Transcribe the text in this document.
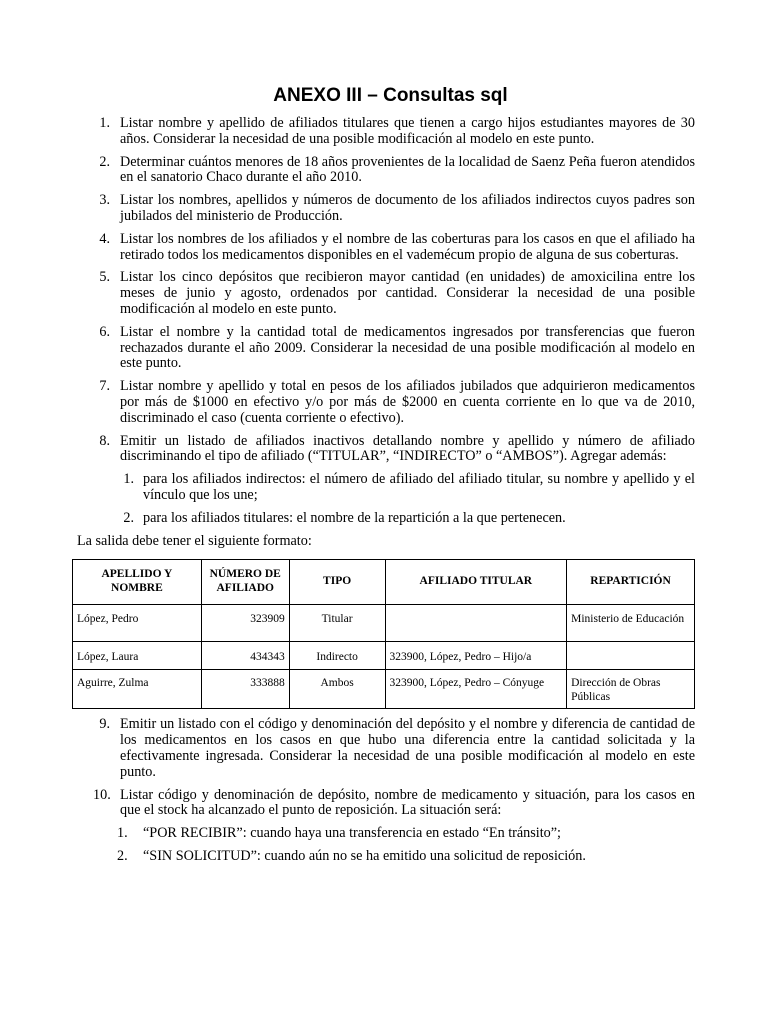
ANEXO III – Consultas sql
1. Listar nombre y apellido de afiliados titulares que tienen a cargo hijos estudiantes mayores de 30 años. Considerar la necesidad de una posible modificación al modelo en este punto.
2. Determinar cuántos menores de 18 años provenientes de la localidad de Saenz Peña fueron atendidos en el sanatorio Chaco durante el año 2010.
3. Listar los nombres, apellidos y números de documento de los afiliados indirectos cuyos padres son jubilados del ministerio de Producción.
4. Listar los nombres de los afiliados y el nombre de las coberturas para los casos en que el afiliado ha retirado todos los medicamentos disponibles en el vademécum propio de alguna de sus coberturas.
5. Listar los cinco depósitos que recibieron mayor cantidad (en unidades) de amoxicilina entre los meses de junio y agosto, ordenados por cantidad. Considerar la necesidad de una posible modificación al modelo en este punto.
6. Listar el nombre y la cantidad total de medicamentos ingresados por transferencias que fueron rechazados durante el año 2009. Considerar la necesidad de una posible modificación al modelo en este punto.
7. Listar nombre y apellido y total en pesos de los afiliados jubilados que adquirieron medicamentos por más de $1000 en efectivo y/o por más de $2000 en cuenta corriente en lo que va de 2010, discriminado el caso (cuenta corriente o efectivo).
8. Emitir un listado de afiliados inactivos detallando nombre y apellido y número de afiliado discriminando el tipo de afiliado (“TITULAR”, “INDIRECTO” o “AMBOS”). Agregar además:
1. para los afiliados indirectos: el número de afiliado del afiliado titular, su nombre y apellido y el vínculo que los une;
2. para los afiliados titulares: el nombre de la repartición a la que pertenecen.

La salida debe tener el siguiente formato:

APELLIDO Y NOMBRE	NÚMERO DE AFILIADO	TIPO	AFILIADO TITULAR	REPARTICIÓN
López, Pedro	323909	Titular		Ministerio de Educación
López, Laura	434343	Indirecto	323900, López, Pedro – Hijo/a	
Aguirre, Zulma	333888	Ambos	323900, López, Pedro – Cónyuge	Dirección de Obras Públicas
9. Emitir un listado con el código y denominación del depósito y el nombre y diferencia de cantidad de los medicamentos en los casos en que hubo una diferencia entre la cantidad solicitada y la efectivamente ingresada. Considerar la necesidad de una posible modificación al modelo en este punto.
10. Listar código y denominación de depósito, nombre de medicamento y situación, para los casos en que el stock ha alcanzado el punto de reposición. La situación será:
1.	“POR RECIBIR”: cuando haya una transferencia en estado “En tránsito”;
2.	“SIN SOLICITUD”: cuando aún no se ha emitido una solicitud de reposición.
